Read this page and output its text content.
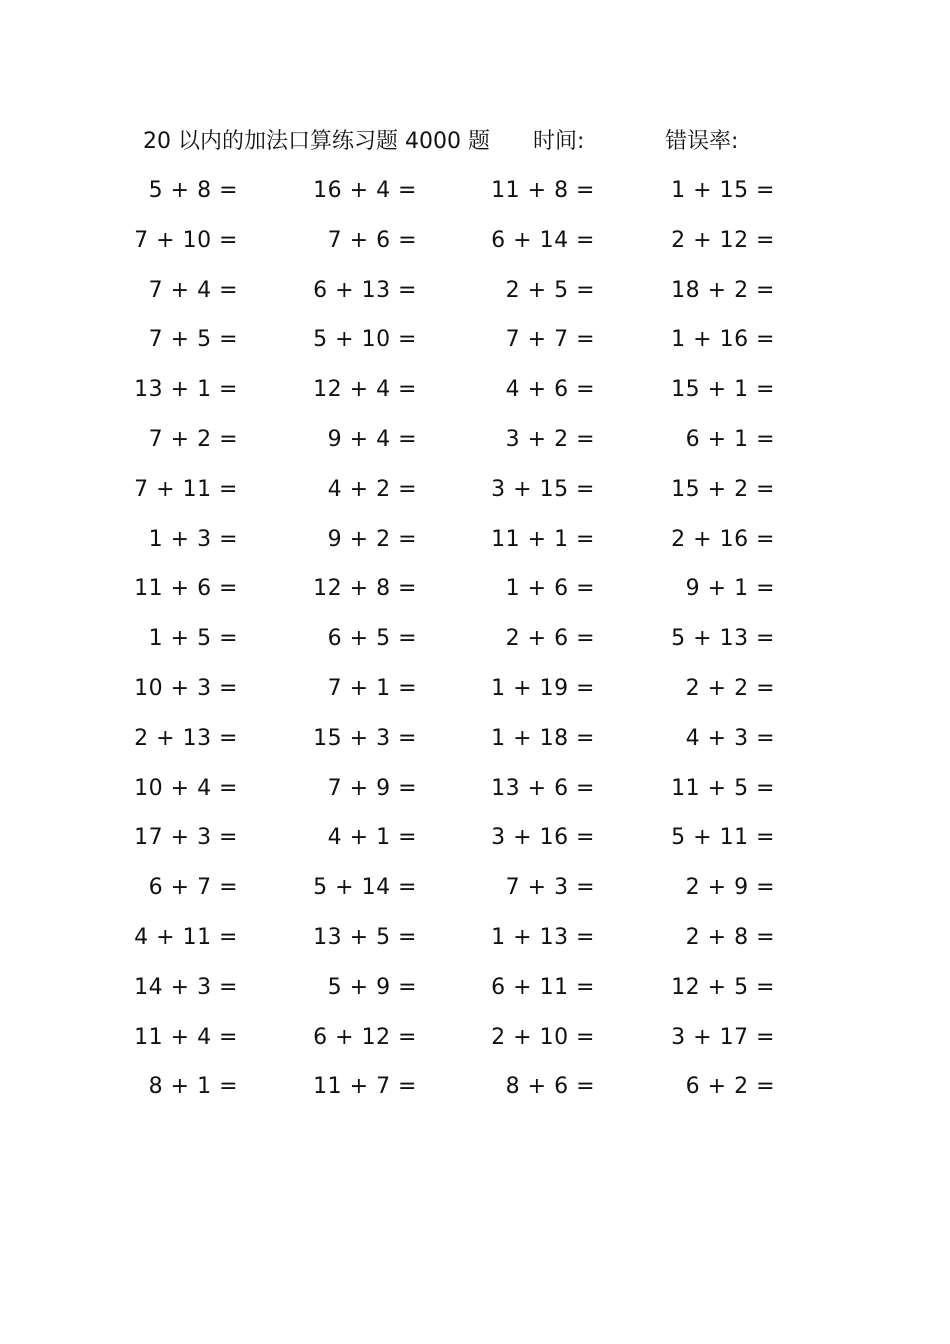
20 以内的加法口算练习题 4000 题 时间:	错误率:
5 + 8 =	16 + 4 =	11 + 8 =	1 + 15 =
7 + 10 =	7 + 6 =	6 + 14 =	2 + 12 =
7 + 4 =	6 + 13 =	2 + 5 =	18 + 2 =
7 + 5 =	5 + 10 =	7 + 7 =	1 + 16 =
13 + 1 =	12 + 4 =	4 + 6 =	15 + 1 =
7 + 2 =	9 + 4 =	3 + 2 =	6 + 1 =
7 + 11 =	4 + 2 =	3 + 15 =	15 + 2 =
1 + 3 =	9 + 2 =	11 + 1 =	2 + 16 =
11 + 6 =	12 + 8 =	1 + 6 =	9 + 1 =
1 + 5 =	6 + 5 =	2 + 6 =	5 + 13 =
10 + 3 =	7 + 1 =	1 + 19 =	2 + 2 =
2 + 13 =	15 + 3 =	1 + 18 =	4 + 3 =
10 + 4 =	7 + 9 =	13 + 6 =	11 + 5 =
17 + 3 =	4 + 1 =	3 + 16 =	5 + 11 =
6 + 7 =	5 + 14 =	7 + 3 =	2 + 9 =
4 + 11 =	13 + 5 =	1 + 13 =	2 + 8 =
14 + 3 =	5 + 9 =	6 + 11 =	12 + 5 =
11 + 4 =	6 + 12 =	2 + 10 =	3 + 17 =
8 + 1 =	11 + 7 =	8 + 6 =	6 + 2 =
